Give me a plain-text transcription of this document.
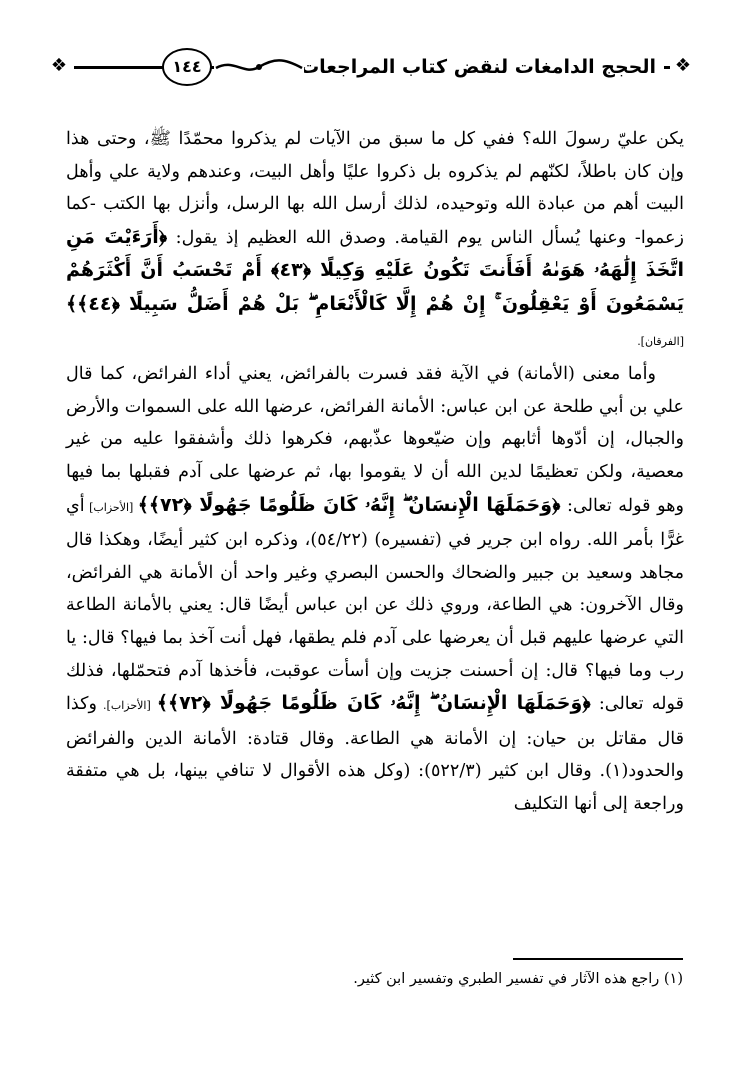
❖
الحجج الدامغات لنقض كتاب المراجعات
١٤٤
❖

يكن عليّ رسولَ الله؟ ففي كل ما سبق من الآيات لم يذكروا محمّدًا ﷺ، وحتى هذا وإن كان باطلاً، لكنّهم لم يذكروه بل ذكروا عليًا وأهل البيت، وعندهم ولاية علي وأهل البيت أهم من عبادة الله وتوحيده، لذلك أرسل الله بها الرسل، وأنزل بها الكتب -كما زعموا- وعنها يُسأل الناس يوم القيامة. وصدق الله العظيم إذ يقول: ﴿أَرَءَيْتَ مَنِ اتَّخَذَ إِلَٰهَهُۥ هَوَىٰهُ أَفَأَنتَ تَكُونُ عَلَيْهِ وَكِيلًا ﴿٤٣﴾ أَمْ تَحْسَبُ أَنَّ أَكْثَرَهُمْ يَسْمَعُونَ أَوْ يَعْقِلُونَ ۚ إِنْ هُمْ إِلَّا كَالْأَنْعَامِ ۖ بَلْ هُمْ أَضَلُّ سَبِيلًا ﴿٤٤﴾﴾ [الفرقان].

وأما معنى (الأمانة) في الآية فقد فسرت بالفرائض، يعني أداء الفرائض، كما قال علي بن أبي طلحة عن ابن عباس: الأمانة الفرائض، عرضها الله على السموات والأرض والجبال، إن أدّوها أثابهم وإن ضيّعوها عذّبهم، فكرهوا ذلك وأشفقوا عليه من غير معصية، ولكن تعظيمًا لدين الله أن لا يقوموا بها، ثم عرضها على آدم فقبلها بما فيها وهو قوله تعالى: ﴿وَحَمَلَهَا الْإِنسَانُ ۖ إِنَّهُۥ كَانَ ظَلُومًا جَهُولًا ﴿٧٢﴾﴾ [الأحزاب] أي غرًّا بأمر الله. رواه ابن جرير في (تفسيره) (٥٤/٢٢)، وذكره ابن كثير أيضًا، وهكذا قال مجاهد وسعيد بن جبير والضحاك والحسن البصري وغير واحد أن الأمانة هي الفرائض، وقال الآخرون: هي الطاعة، وروي ذلك عن ابن عباس أيضًا قال: يعني بالأمانة الطاعة التي عرضها عليهم قبل أن يعرضها على آدم فلم يطقها، فهل أنت آخذ بما فيها؟ قال: يا رب وما فيها؟ قال: إن أحسنت جزيت وإن أسأت عوقبت، فأخذها آدم فتحمّلها، فذلك قوله تعالى: ﴿وَحَمَلَهَا الْإِنسَانُ ۖ إِنَّهُۥ كَانَ ظَلُومًا جَهُولًا ﴿٧٢﴾﴾ [الأحزاب]. وكذا قال مقاتل بن حيان: إن الأمانة هي الطاعة. وقال قتادة: الأمانة الدين والفرائض والحدود(١). وقال ابن كثير (٥٢٢/٣): (وكل هذه الأقوال لا تنافي بينها، بل هي متفقة وراجعة إلى أنها التكليف

(١) راجع هذه الآثار في تفسير الطبري وتفسير ابن كثير.
